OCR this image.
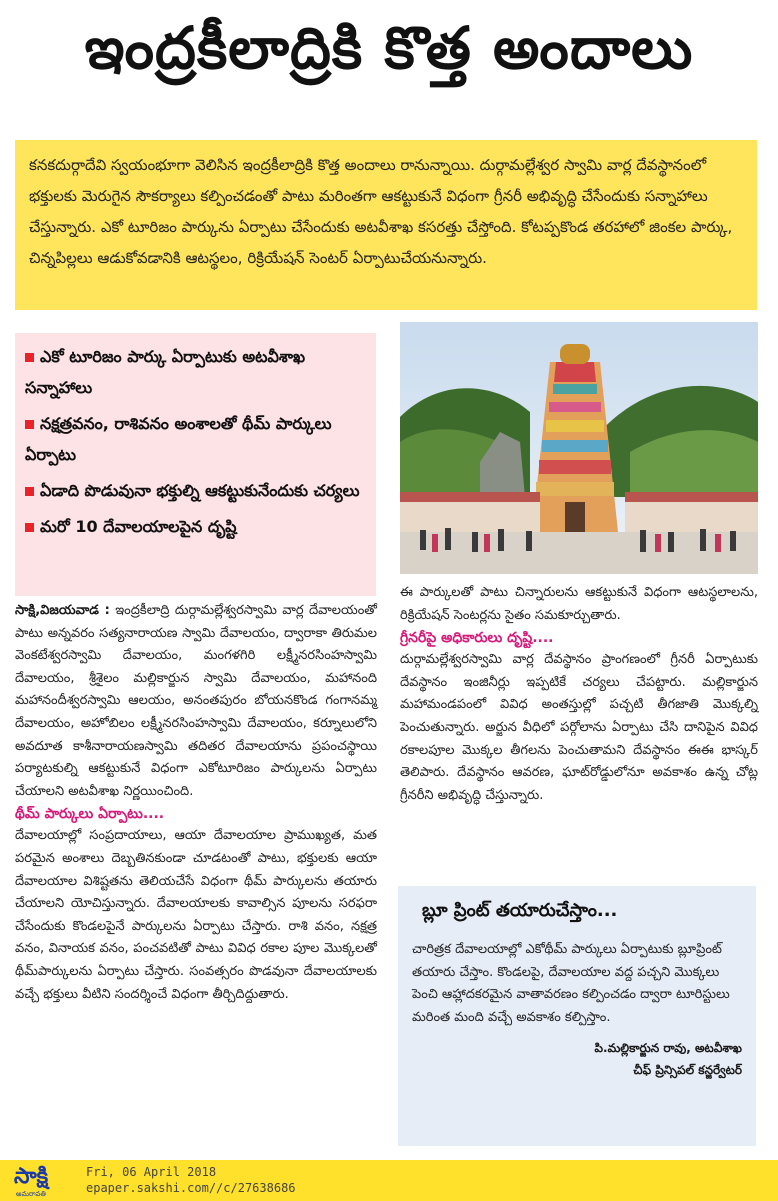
ఇంద్రకీలాద్రికి కొత్త అందాలు
కనకదుర్గాదేవి స్వయంభూగా వెలిసిన ఇంద్రకీలాద్రికి కొత్త అందాలు రానున్నాయి. దుర్గామల్లేశ్వర స్వామి వార్ల దేవస్థానంలో భక్తులకు మెరుగైన సౌకర్యాలు కల్పించడంతో పాటు మరింతగా ఆకట్టుకునే విధంగా గ్రీనరీ అభివృద్ధి చేసేందుకు సన్నాహాలు చేస్తున్నారు. ఎకో టూరిజం పార్కును ఏర్పాటు చేసేందుకు అటవీశాఖ కసరత్తు చేస్తోంది. కోటప్పకొండ తరహాలో జింకల పార్కు, చిన్నపిల్లలు ఆడుకోవడానికి ఆటస్థలం, రిక్రియేషన్ సెంటర్ ఏర్పాటుచేయనున్నారు.
ఎకో టూరిజం పార్కు ఏర్పాటుకు అటవీశాఖ సన్నాహాలు
నక్షత్రవనం, రాశివనం అంశాలతో థీమ్ పార్కులు ఏర్పాటు
ఏడాది పొడువునా భక్తుల్ని ఆకట్టుకునేందుకు చర్యలు
మరో 10 దేవాలయాలపైన దృష్టి
సాక్షి,విజయవాడ : ఇంద్రకీలాద్రి దుర్గామల్లేశ్వరస్వామి వార్ల దేవాలయంతో పాటు అన్నవరం సత్యనారాయణ స్వామి దేవాలయం, ద్వారాకా తిరుమల వెంకటేశ్వరస్వామి దేవాలయం, మంగళగిరి లక్ష్మీనరసింహస్వామి దేవాలయం, శ్రీశైలం మల్లికార్జున స్వామి దేవాలయం, మహానంది మహానందీశ్వరస్వామి ఆలయం, అనంతపురం బోయనకొండ గంగానమ్మ దేవాలయం, అహోబిలం లక్ష్మీనరసింహస్వామి దేవాలయం, కర్నూలులోని అవదూత కాశీనారాయణస్వామి తదితర దేవాలయాను ప్రపంచస్థాయి పర్యాటకుల్ని ఆకట్టుకునే విధంగా ఎకోటూరిజం పార్కులను ఏర్పాటు చేయాలని అటవీశాఖ నిర్ణయించింది.
థీమ్ పార్కులు ఏర్పాటు....
దేవాలయాల్లో సంప్రదాయాలు, ఆయా దేవాలయాల ప్రాముఖ్యత, మత పరమైన అంశాలు దెబ్బతినకుండా చూడటంతో పాటు, భక్తులకు ఆయా దేవాలయాల విశిష్టతను తెలియచేసే విధంగా థీమ్ పార్కులను తయారు చేయాలని యోచిస్తున్నారు. దేవాలయాలకు కావాల్సిన పూలను సరఫరా చేసేందుకు కొండలపైనే పార్కులను ఏర్పాటు చేస్తారు. రాశి వనం, నక్షత్ర వనం, వినాయక వనం, పంచవటితో పాటు వివిధ రకాల పూల మొక్కలతో థీమ్‌పార్కులను ఏర్పాటు చేస్తారు. సంవత్సరం పొడవునా దేవాలయాలకు వచ్చే భక్తులు వీటిని సందర్శించే విధంగా తీర్చిదిద్దుతారు.
ఈ పార్కులతో పాటు చిన్నారులను ఆకట్టుకునే విధంగా ఆటస్థలాలను, రిక్రియేషన్ సెంటర్లను సైతం సమకూర్చుతారు.
గ్రీనరీపై అధికారులు దృష్టి....
దుర్గామల్లేశ్వరస్వామి వార్ల దేవస్థానం ప్రాంగణంలో గ్రీనరీ ఏర్పాటుకు దేవస్థానం ఇంజినీర్లు ఇప్పటికే చర్యలు చేపట్టారు. మల్లికార్జున మహామండపంలో వివిధ అంతస్తుల్లో పచ్చటి తీగజాతి మొక్కల్ని పెంచుతున్నారు. అర్జున వీధిలో పర్గోలాను ఏర్పాటు చేసి దానిపైన వివిధ రకాలపూల మొక్కల తీగలను పెంచుతామని దేవస్థానం ఈఈ భాస్కర్ తెలిపారు. దేవస్థానం ఆవరణ, ఘాట్‌రోడ్డులోనూ అవకాశం ఉన్న చోట్ల గ్రీనరీని అభివృద్ధి చేస్తున్నారు.
బ్లూ ప్రింట్ తయారుచేస్తాం...
చారిత్రక దేవాలయాల్లో ఎకోథీమ్ పార్కులు ఏర్పాటుకు బ్లూప్రింట్ తయారు చేస్తాం. కొండలపై, దేవాలయాల వద్ద పచ్చని మొక్కలు పెంచి ఆహ్లాదకరమైన వాతావరణం కల్పించడం ద్వారా టూరిస్టులు మరింత మంది వచ్చే అవకాశం కల్పిస్తాం.
పి.మల్లికార్జున రావు, అటవీశాఖ
చీఫ్ ప్రిన్సిపల్ కన్జర్వేటర్
సాక్షి
అమరావతి
Fri, 06 April 2018
epaper.sakshi.com//c/27638686
